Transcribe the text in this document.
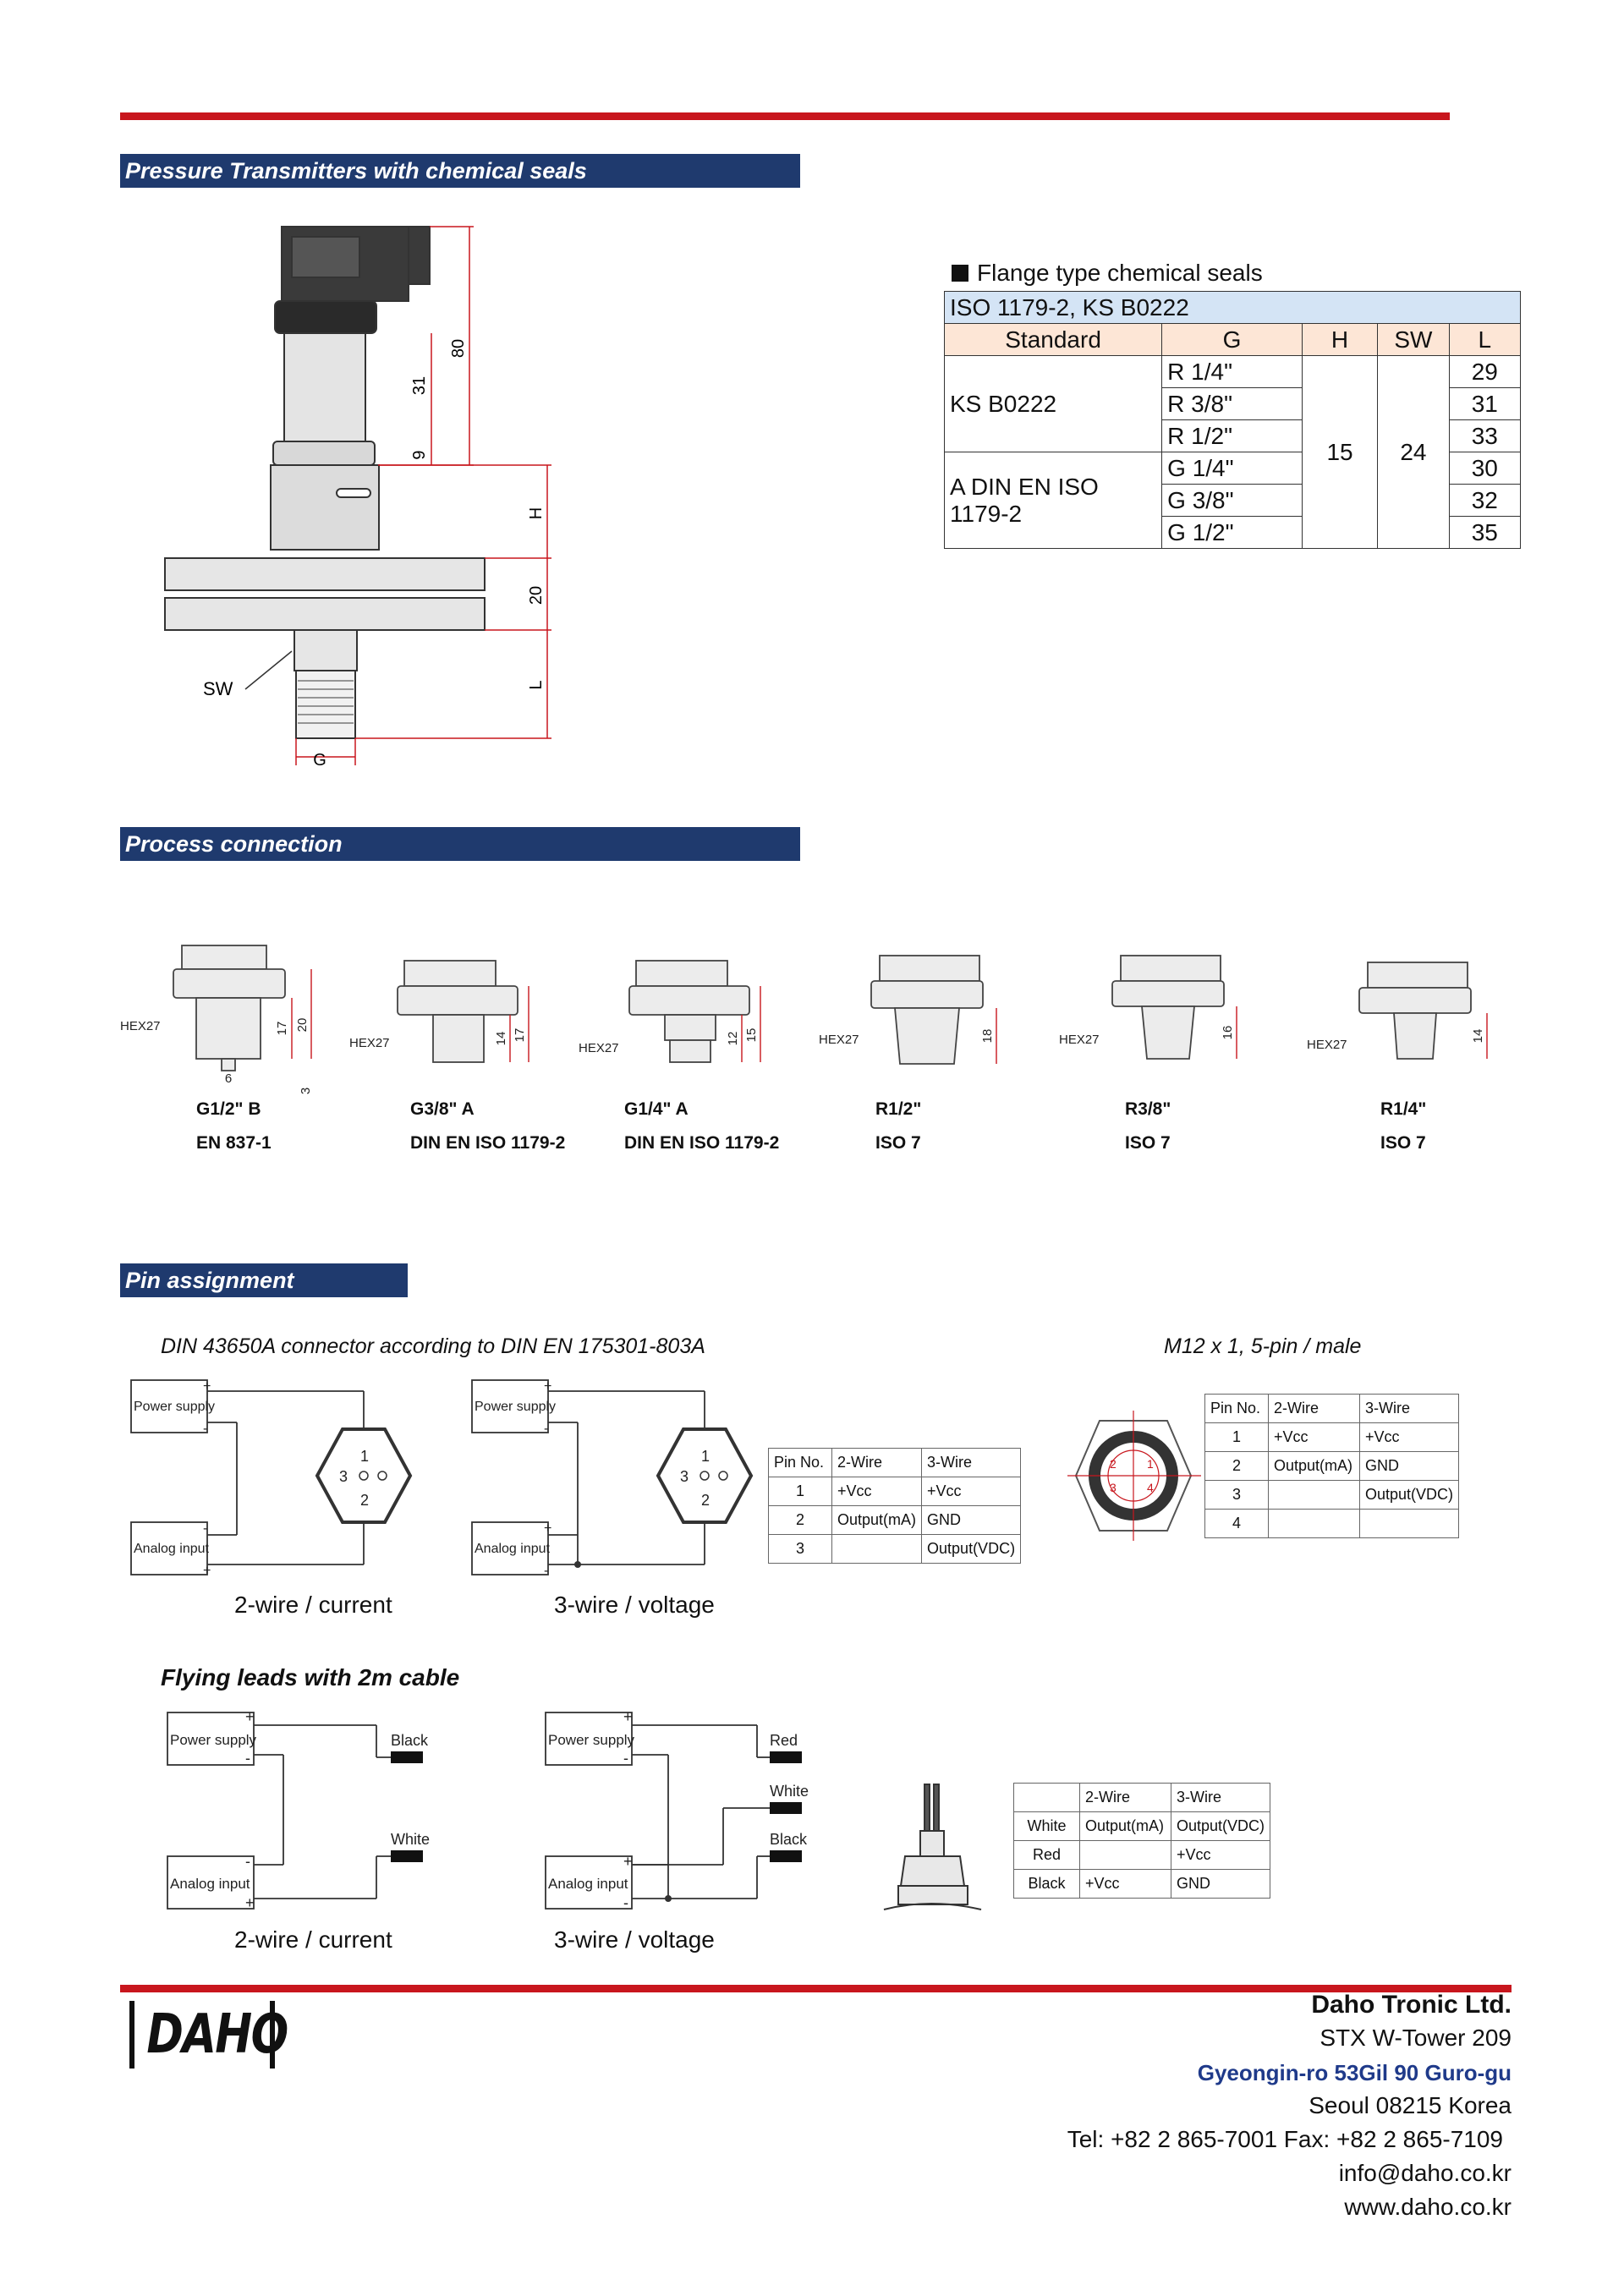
Pressure Transmitters with chemical seals
80
31
9
H
20
L
SW
G
Flange type chemical seals
ISO 1179-2, KS B0222				
Standard	G	H	SW	L
KS B0222	R 1/4"	15	24	29
	R 3/8"			31
	R 1/2"			33
A DIN EN ISO
1179-2	G 1/4"			30
	G 3/8"			32
	G 1/2"			35
Process connection
HEX27	17 20
6
3
HEX27	14 17
HEX27
12 15	HEX27	18	HEX27	16
HEX27
14
G1/2" B
EN 837-1
G3/8" A
DIN EN ISO 1179-2
G1/4" A
DIN EN ISO 1179-2
R1/2"
ISO 7
R3/8"
ISO 7
R1/4"
ISO 7
Pin assignment
DIN 43650A connector according to DIN EN 175301-803A	M12 x 1, 5-pin / male
Power supply
+
-
Analog input
-
+
Power supply
+
-
Analog input
+
-
1
3
2
1
3
2
2	1
3	4
2-wire / current	3-wire / voltage
Pin No.	2-Wire	3-Wire
1	+Vcc	+Vcc
2	Output(mA)	GND
3		Output(VDC)
Pin No.	2-Wire	3-Wire
1	+Vcc	+Vcc
2	Output(mA)	GND
3		Output(VDC)
4		
Flying leads with 2m cable
Power supply
+
-
Analog input
-
+
Power supply
+
-
Analog input
+
-
Black
White
Red
White
Black
2-wire / current	3-wire / voltage
	2-Wire	3-Wire
White	Output(mA)	Output(VDC)
Red		+Vcc
Black	+Vcc	GND
DAHO	Daho Tronic Ltd.
STX W-Tower 209
Gyeongin-ro 53Gil 90 Guro-gu
Seoul 08215 Korea
Tel: +82 2 865-7001 Fax: +82 2 865-7109
info@daho.co.kr
www.daho.co.kr
